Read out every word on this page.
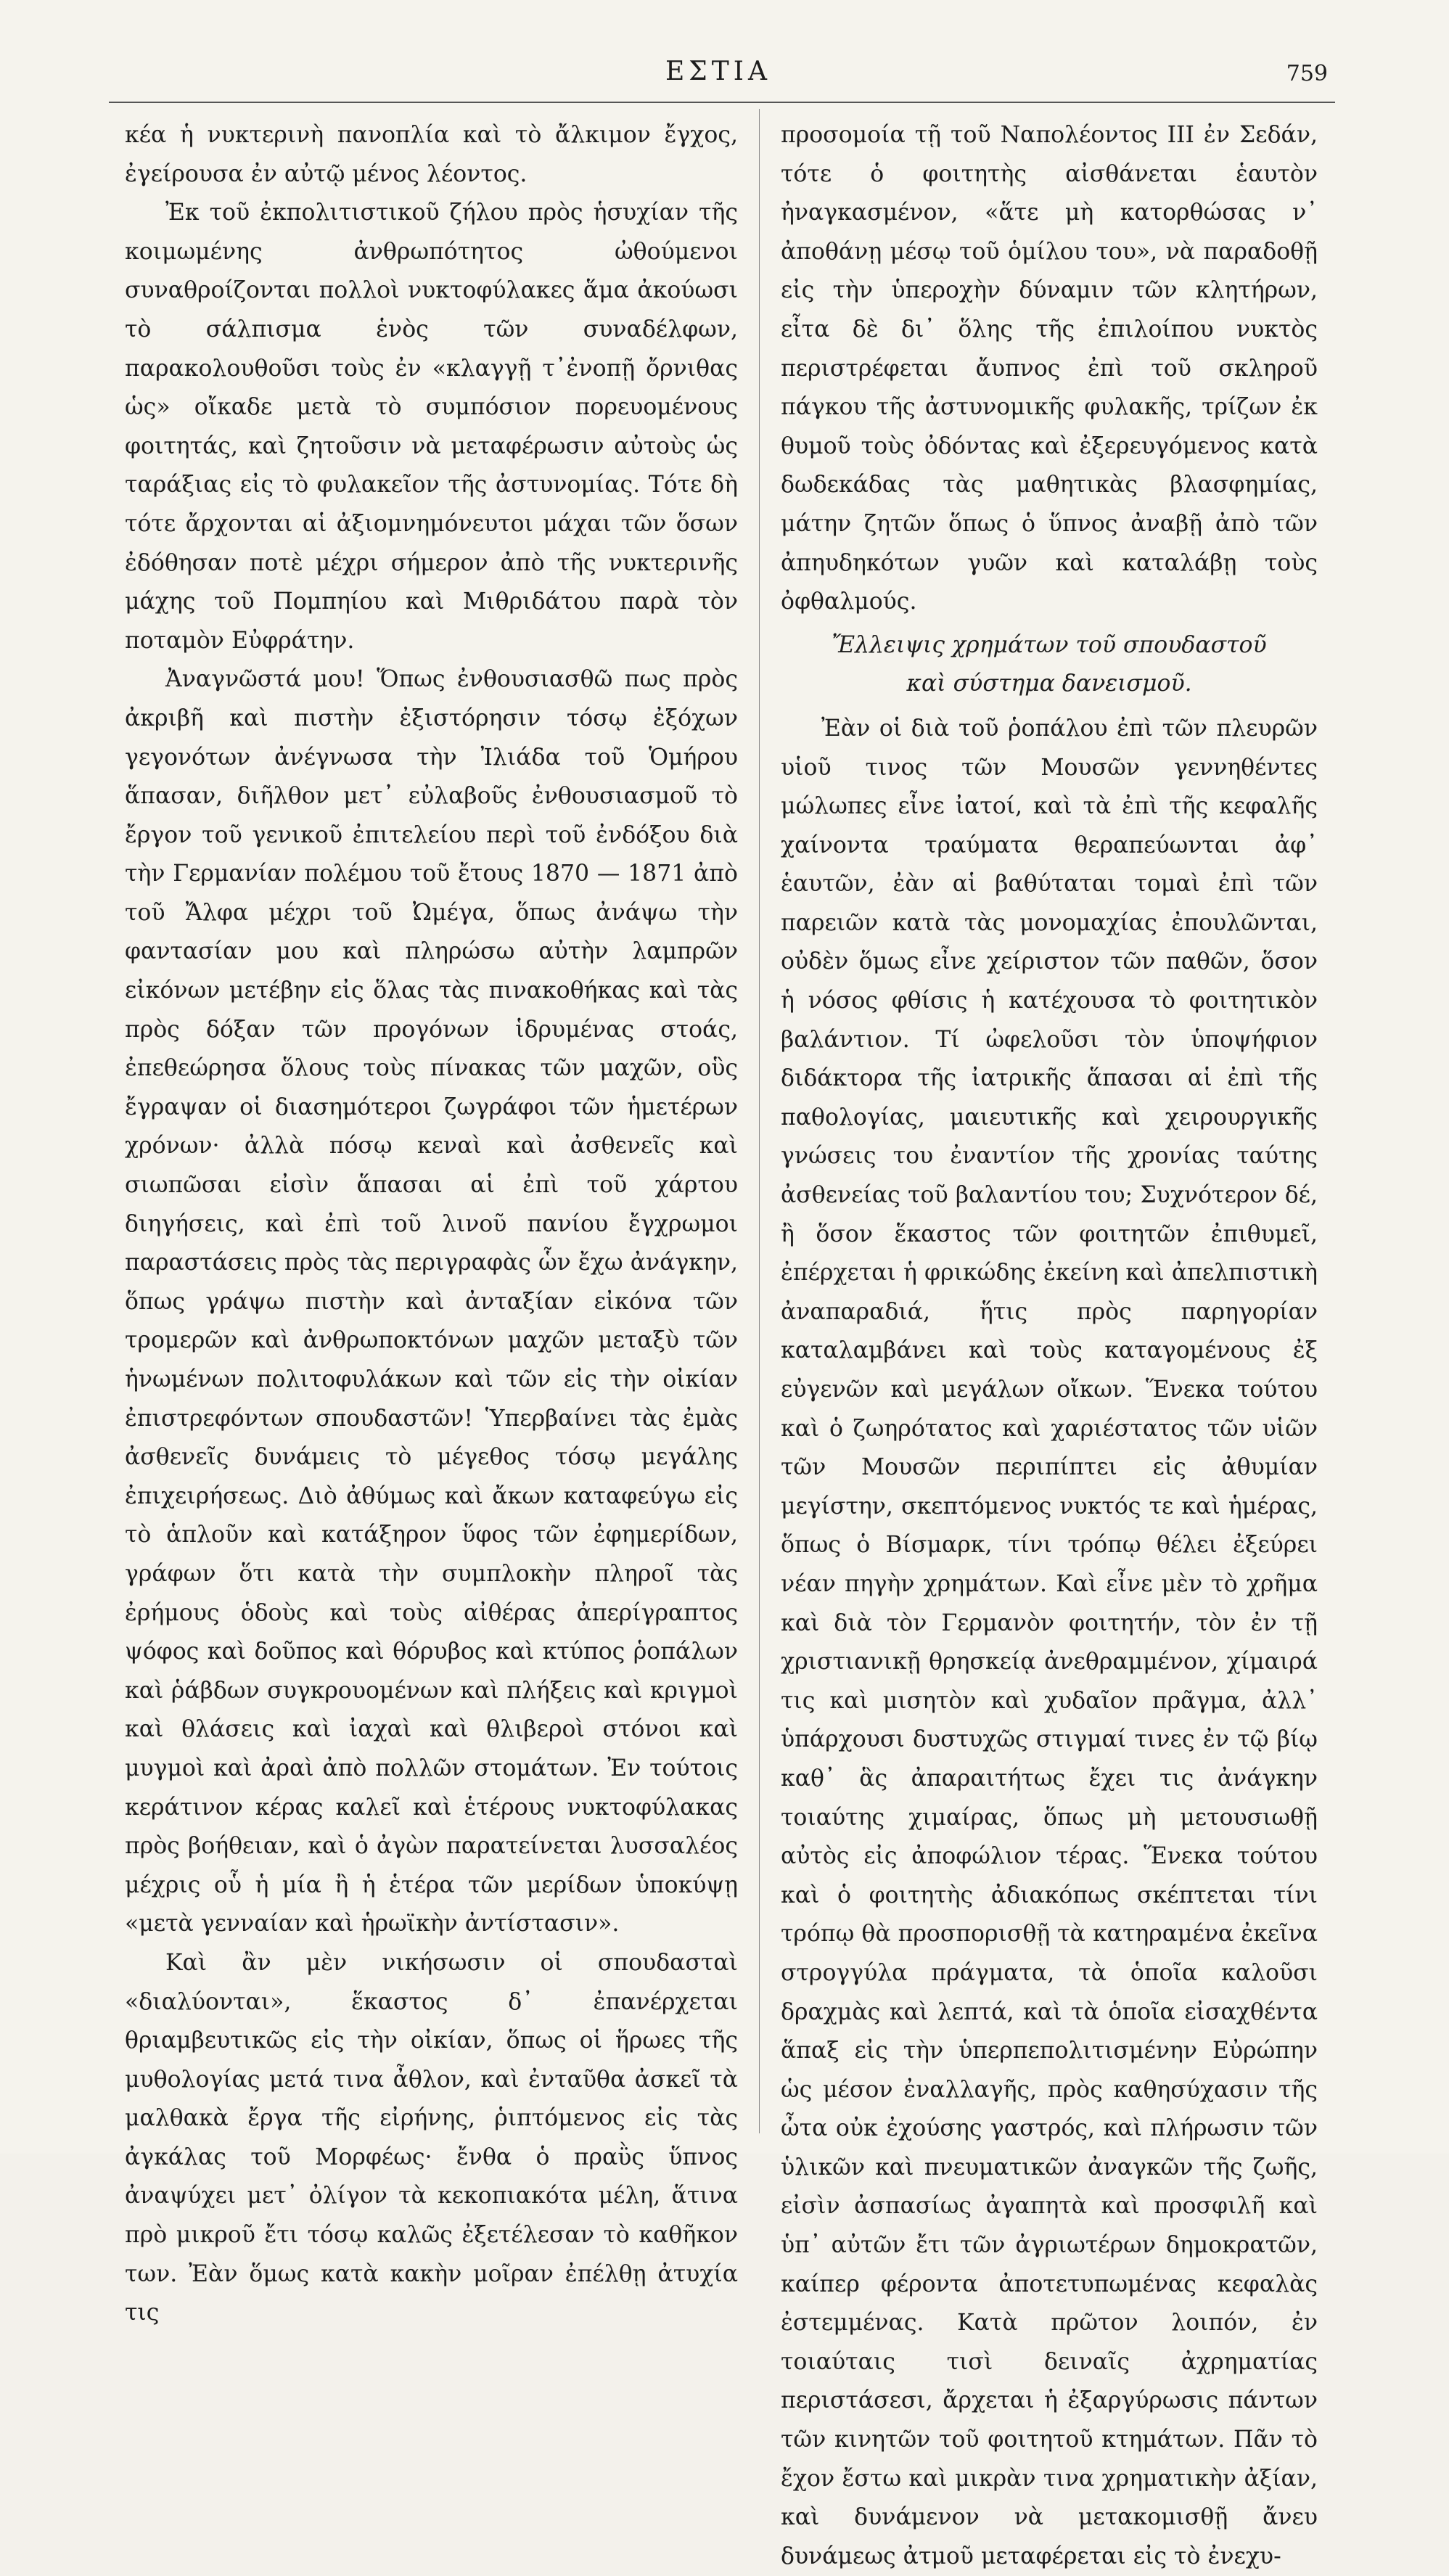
ΕΣΤΙΑ	759

κέα ἡ νυκτερινὴ πανοπλία καὶ τὸ ἄλκιμον ἔγχος, ἐγείρουσα ἐν αὐτῷ μένος λέοντος.

Ἐκ τοῦ ἐκπολιτιστικοῦ ζήλου πρὸς ἡσυχίαν τῆς κοιμωμένης ἀνθρωπότητος ὠθούμενοι συναθροίζονται πολλοὶ νυκτοφύλακες ἅμα ἀκούωσι τὸ σάλπισμα ἑνὸς τῶν συναδέλφων, παρακολουθοῦσι τοὺς ἐν «κλαγγῇ τ᾽ἐνοπῇ ὄρνιθας ὡς» οἴκαδε μετὰ τὸ συμπόσιον πορευομένους φοιτητάς, καὶ ζητοῦσιν νὰ μεταφέρωσιν αὐτοὺς ὡς ταράξιας εἰς τὸ φυλακεῖον τῆς ἀστυνομίας. Τότε δὴ τότε ἄρχονται αἱ ἀξιομνημόνευτοι μάχαι τῶν ὅσων ἐδόθησαν ποτὲ μέχρι σήμερον ἀπὸ τῆς νυκτερινῆς μάχης τοῦ Πομπηίου καὶ Μιθριδάτου παρὰ τὸν ποταμὸν Εὐφράτην.

Ἀναγνῶστά μου! Ὅπως ἐνθουσιασθῶ πως πρὸς ἀκριβῆ καὶ πιστὴν ἐξιστόρησιν τόσῳ ἐξόχων γεγονότων ἀνέγνωσα τὴν Ἰλιάδα τοῦ Ὁμήρου ἅπασαν, διῆλθον μετ᾽ εὐλαβοῦς ἐνθουσιασμοῦ τὸ ἔργον τοῦ γενικοῦ ἐπιτελείου περὶ τοῦ ἐνδόξου διὰ τὴν Γερμανίαν πολέμου τοῦ ἔτους 1870 — 1871 ἀπὸ τοῦ Ἄλφα μέχρι τοῦ Ὠμέγα, ὅπως ἀνάψω τὴν φαντασίαν μου καὶ πληρώσω αὐτὴν λαμπρῶν εἰκόνων μετέβην εἰς ὅλας τὰς πινακοθήκας καὶ τὰς πρὸς δόξαν τῶν προγόνων ἱδρυμένας στοάς, ἐπεθεώρησα ὅλους τοὺς πίνακας τῶν μαχῶν, οὓς ἔγραψαν οἱ διασημότεροι ζωγράφοι τῶν ἡμετέρων χρόνων· ἀλλὰ πόσῳ κεναὶ καὶ ἀσθενεῖς καὶ σιωπῶσαι εἰσὶν ἅπασαι αἱ ἐπὶ τοῦ χάρτου διηγήσεις, καὶ ἐπὶ τοῦ λινοῦ πανίου ἔγχρωμοι παραστάσεις πρὸς τὰς περιγραφὰς ὧν ἔχω ἀνάγκην, ὅπως γράψω πιστὴν καὶ ἀνταξίαν εἰκόνα τῶν τρομερῶν καὶ ἀνθρωποκτόνων μαχῶν μεταξὺ τῶν ἡνωμένων πολιτοφυλάκων καὶ τῶν εἰς τὴν οἰκίαν ἐπιστρεφόντων σπουδαστῶν! Ὑπερβαίνει τὰς ἐμὰς ἀσθενεῖς δυνάμεις τὸ μέγεθος τόσῳ μεγάλης ἐπιχειρήσεως. Διὸ ἀθύμως καὶ ἄκων καταφεύγω εἰς τὸ ἁπλοῦν καὶ κατάξηρον ὕφος τῶν ἐφημερίδων, γράφων ὅτι κατὰ τὴν συμπλοκὴν πληροῖ τὰς ἐρήμους ὁδοὺς καὶ τοὺς αἰθέρας ἀπερίγραπτος ψόφος καὶ δοῦπος καὶ θόρυβος καὶ κτύπος ῥοπάλων καὶ ῥάβδων συγκρουομένων καὶ πλήξεις καὶ κριγμοὶ καὶ θλάσεις καὶ ἰαχαὶ καὶ θλιβεροὶ στόνοι καὶ μυγμοὶ καὶ ἀραὶ ἀπὸ πολλῶν στομάτων. Ἐν τούτοις κεράτινον κέρας καλεῖ καὶ ἑτέρους νυκτοφύλακας πρὸς βοήθειαν, καὶ ὁ ἀγὼν παρατείνεται λυσσαλέος μέχρις οὗ ἡ μία ἢ ἡ ἑτέρα τῶν μερίδων ὑποκύψῃ «μετὰ γενναίαν καὶ ἡρωϊκὴν ἀντίστασιν».

Καὶ ἂν μὲν νικήσωσιν οἱ σπουδασταὶ «διαλύονται», ἕκαστος δ᾽ ἐπανέρχεται θριαμβευτικῶς εἰς τὴν οἰκίαν, ὅπως οἱ ἥρωες τῆς μυθολογίας μετά τινα ἆθλον, καὶ ἐνταῦθα ἀσκεῖ τὰ μαλθακὰ ἔργα τῆς εἰρήνης, ῥιπτόμενος εἰς τὰς ἀγκάλας τοῦ Μορφέως· ἔνθα ὁ πραῢς ὕπνος ἀναψύχει μετ᾽ ὀλίγον τὰ κεκοπιακότα μέλη, ἅτινα πρὸ μικροῦ ἔτι τόσῳ καλῶς ἐξετέλεσαν τὸ καθῆκον των. Ἐὰν ὅμως κατὰ κακὴν μοῖραν ἐπέλθῃ ἀτυχία τις

προσομοία τῇ τοῦ Ναπολέοντος ΙΙΙ ἐν Σεδάν, τότε ὁ φοιτητὴς αἰσθάνεται ἑαυτὸν ἠναγκασμένον, «ἅτε μὴ κατορθώσας ν᾽ ἀποθάνῃ μέσῳ τοῦ ὁμίλου του», νὰ παραδοθῇ εἰς τὴν ὑπεροχὴν δύναμιν τῶν κλητήρων, εἶτα δὲ δι᾽ ὅλης τῆς ἐπιλοίπου νυκτὸς περιστρέφεται ἄυπνος ἐπὶ τοῦ σκληροῦ πάγκου τῆς ἀστυνομικῆς φυλακῆς, τρίζων ἐκ θυμοῦ τοὺς ὀδόντας καὶ ἐξερευγόμενος κατὰ δωδεκάδας τὰς μαθητικὰς βλασφημίας, μάτην ζητῶν ὅπως ὁ ὕπνος ἀναβῇ ἀπὸ τῶν ἀπηυδηκότων γυῶν καὶ καταλάβῃ τοὺς ὀφθαλμούς.

Ἔλλειψις χρημάτων τοῦ σπουδαστοῦ
καὶ σύστημα δανεισμοῦ.

Ἐὰν οἱ διὰ τοῦ ῥοπάλου ἐπὶ τῶν πλευρῶν υἱοῦ τινος τῶν Μουσῶν γεννηθέντες μώλωπες εἶνε ἰατοί, καὶ τὰ ἐπὶ τῆς κεφαλῆς χαίνοντα τραύματα θεραπεύωνται ἀφ᾽ ἑαυτῶν, ἐὰν αἱ βαθύταται τομαὶ ἐπὶ τῶν παρειῶν κατὰ τὰς μονομαχίας ἐπουλῶνται, οὐδὲν ὅμως εἶνε χείριστον τῶν παθῶν, ὅσον ἡ νόσος φθίσις ἡ κατέχουσα τὸ φοιτητικὸν βαλάντιον. Τί ὠφελοῦσι τὸν ὑποψήφιον διδάκτορα τῆς ἰατρικῆς ἅπασαι αἱ ἐπὶ τῆς παθολογίας, μαιευτικῆς καὶ χειρουργικῆς γνώσεις του ἐναντίον τῆς χρονίας ταύτης ἀσθενείας τοῦ βαλαντίου του; Συχνότερον δέ, ἢ ὅσον ἕκαστος τῶν φοιτητῶν ἐπιθυμεῖ, ἐπέρχεται ἡ φρικώδης ἐκείνη καὶ ἀπελπιστικὴ ἀναπαραδιά, ἥτις πρὸς παρηγορίαν καταλαμβάνει καὶ τοὺς καταγομένους ἐξ εὐγενῶν καὶ μεγάλων οἴκων. Ἕνεκα τούτου καὶ ὁ ζωηρότατος καὶ χαριέστατος τῶν υἱῶν τῶν Μουσῶν περιπίπτει εἰς ἀθυμίαν μεγίστην, σκεπτόμενος νυκτός τε καὶ ἡμέρας, ὅπως ὁ Βίσμαρκ, τίνι τρόπῳ θέλει ἐξεύρει νέαν πηγὴν χρημάτων. Καὶ εἶνε μὲν τὸ χρῆμα καὶ διὰ τὸν Γερμανὸν φοιτητήν, τὸν ἐν τῇ χριστιανικῇ θρησκείᾳ ἀνεθραμμένον, χίμαιρά τις καὶ μισητὸν καὶ χυδαῖον πρᾶγμα, ἀλλ᾽ ὑπάρχουσι δυστυχῶς στιγμαί τινες ἐν τῷ βίῳ καθ᾽ ἃς ἀπαραιτήτως ἔχει τις ἀνάγκην τοιαύτης χιμαίρας, ὅπως μὴ μετουσιωθῇ αὐτὸς εἰς ἀποφώλιον τέρας. Ἕνεκα τούτου καὶ ὁ φοιτητὴς ἀδιακόπως σκέπτεται τίνι τρόπῳ θὰ προσπορισθῇ τὰ κατηραμένα ἐκεῖνα στρογγύλα πράγματα, τὰ ὁποῖα καλοῦσι δραχμὰς καὶ λεπτά, καὶ τὰ ὁποῖα εἰσαχθέντα ἅπαξ εἰς τὴν ὑπερπεπολιτισμένην Εὐρώπην ὡς μέσον ἐναλλαγῆς, πρὸς καθησύχασιν τῆς ὦτα οὐκ ἐχούσης γαστρός, καὶ πλήρωσιν τῶν ὑλικῶν καὶ πνευματικῶν ἀναγκῶν τῆς ζωῆς, εἰσὶν ἀσπασίως ἀγαπητὰ καὶ προσφιλῆ καὶ ὑπ᾽ αὐτῶν ἔτι τῶν ἀγριωτέρων δημοκρατῶν, καίπερ φέροντα ἀποτετυπωμένας κεφαλὰς ἐστεμμένας. Κατὰ πρῶτον λοιπόν, ἐν τοιαύταις τισὶ δειναῖς ἀχρηματίας περιστάσεσι, ἄρχεται ἡ ἐξαργύρωσις πάντων τῶν κινητῶν τοῦ φοιτητοῦ κτημάτων. Πᾶν τὸ ἔχον ἔστω καὶ μικρὰν τινα χρηματικὴν ἀξίαν, καὶ δυνάμενον νὰ μετακομισθῇ ἄνευ δυνάμεως ἀτμοῦ μεταφέρεται εἰς τὸ ἐνεχυ-
